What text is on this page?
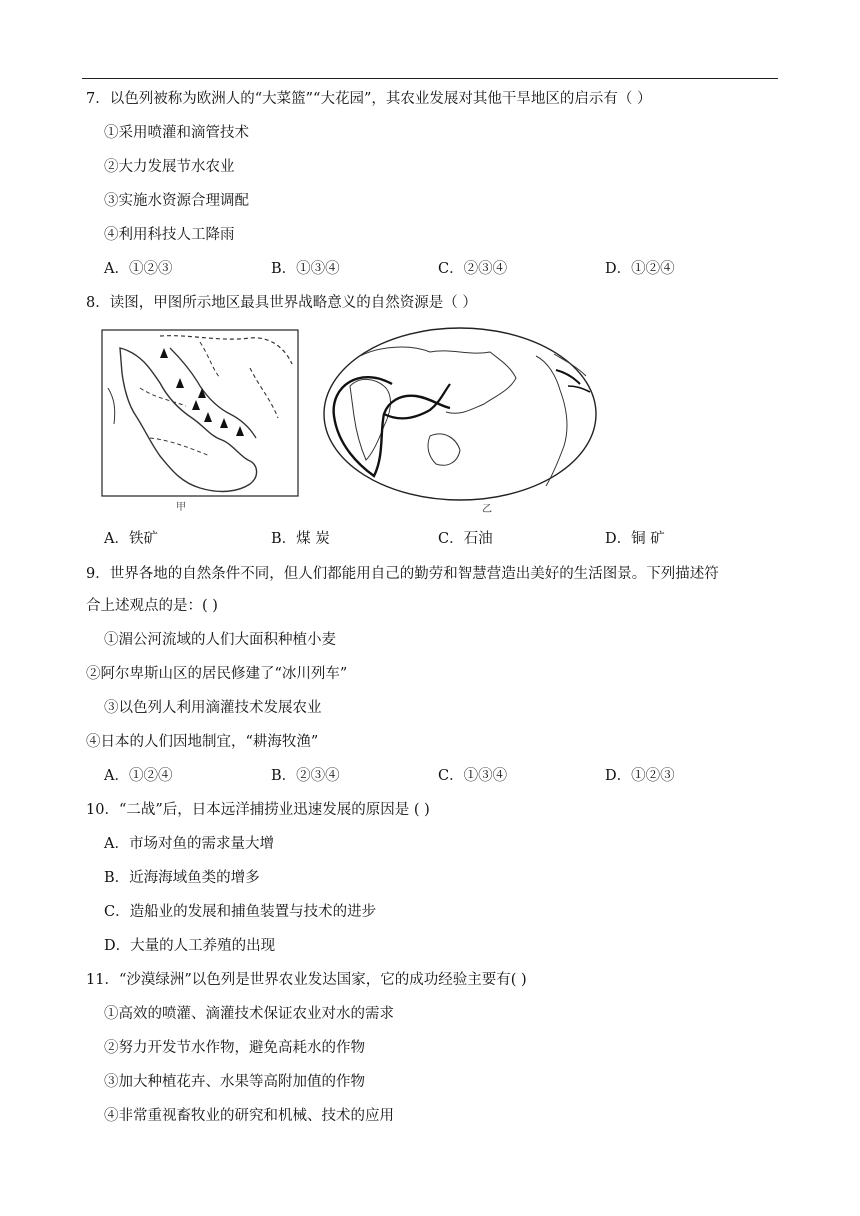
7．以色列被称为欧洲人的“大菜篮”“大花园”，其农业发展对其他干旱地区的启示有（ ）
①采用喷灌和滴管技术
②大力发展节水农业
③实施水资源合理调配
④利用科技人工降雨
A．①②③	B．①③④	C．②③④	D．①②④
8．读图，甲图所示地区最具世界战略意义的自然资源是（ ）
甲	乙
A．铁矿	B．煤 炭	C．石油	D．铜 矿
9．世界各地的自然条件不同，但人们都能用自己的勤劳和智慧营造出美好的生活图景。下列描述符
合上述观点的是：( )
①湄公河流域的人们大面积种植小麦
②阿尔卑斯山区的居民修建了“冰川列车”
③以色列人利用滴灌技术发展农业
④日本的人们因地制宜，“耕海牧渔”
A．①②④	B．②③④	C．①③④	D．①②③
10．“二战”后，日本远洋捕捞业迅速发展的原因是 ( )
A．市场对鱼的需求量大增
B．近海海域鱼类的增多
C．造船业的发展和捕鱼装置与技术的进步
D．大量的人工养殖的出现
11．“沙漠绿洲”以色列是世界农业发达国家，它的成功经验主要有( )
①高效的喷灌、滴灌技术保证农业对水的需求
②努力开发节水作物，避免高耗水的作物
③加大种植花卉、水果等高附加值的作物
④非常重视畜牧业的研究和机械、技术的应用
